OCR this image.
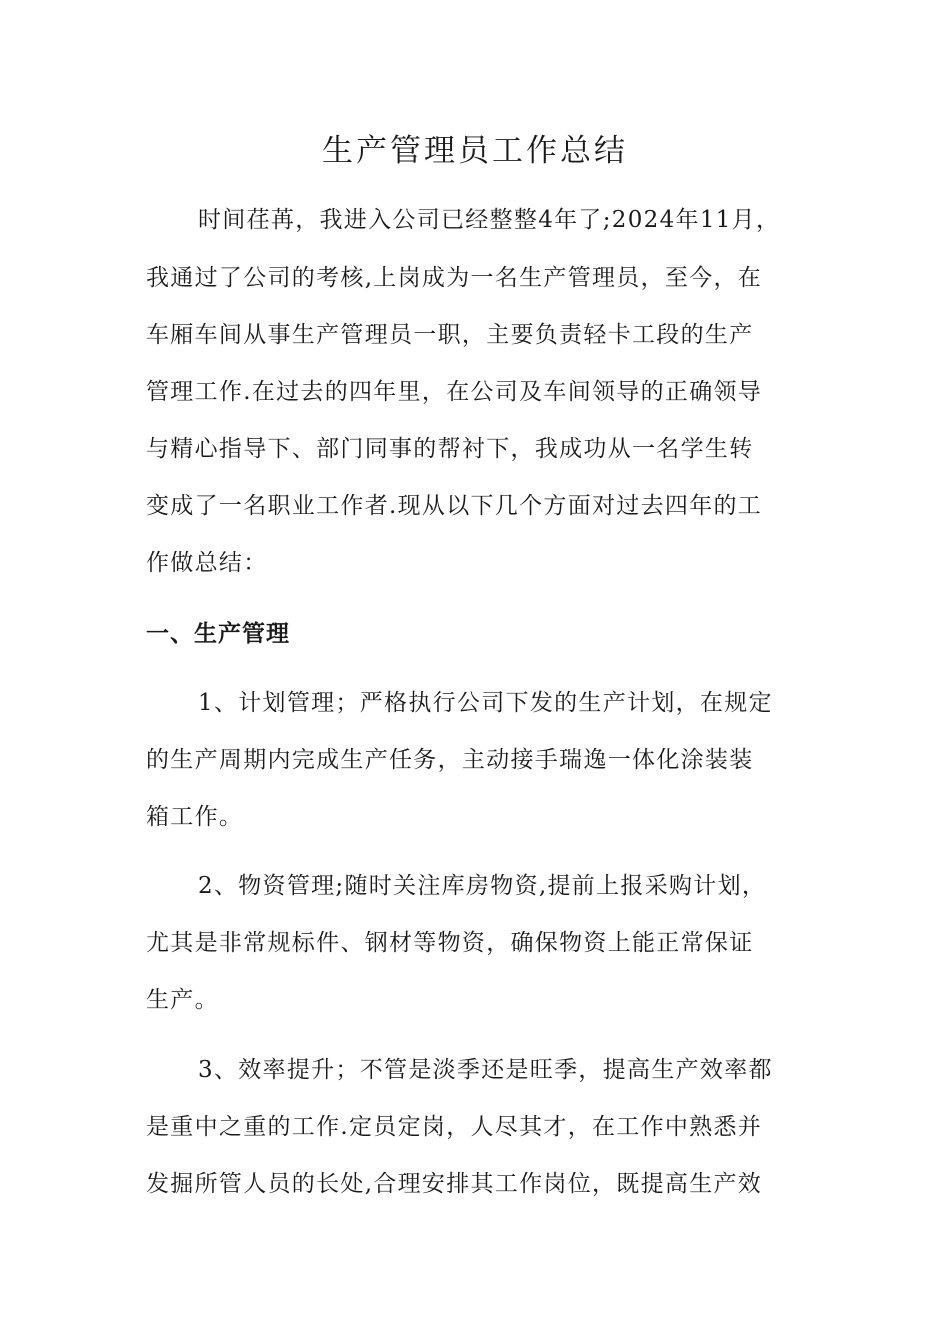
生产管理员工作总结
时间荏苒，我进入公司已经整整4年了;2024年11月，
我通过了公司的考核,上岗成为一名生产管理员，至今，在
车厢车间从事生产管理员一职，主要负责轻卡工段的生产
管理工作.在过去的四年里，在公司及车间领导的正确领导
与精心指导下、部门同事的帮衬下，我成功从一名学生转
变成了一名职业工作者.现从以下几个方面对过去四年的工
作做总结：
一、生产管理
1、计划管理；严格执行公司下发的生产计划，在规定
的生产周期内完成生产任务，主动接手瑞逸一体化涂装装
箱工作。
2、物资管理;随时关注库房物资,提前上报采购计划，
尤其是非常规标件、钢材等物资，确保物资上能正常保证
生产。
3、效率提升；不管是淡季还是旺季，提高生产效率都
是重中之重的工作.定员定岗，人尽其才，在工作中熟悉并
发掘所管人员的长处,合理安排其工作岗位，既提高生产效
